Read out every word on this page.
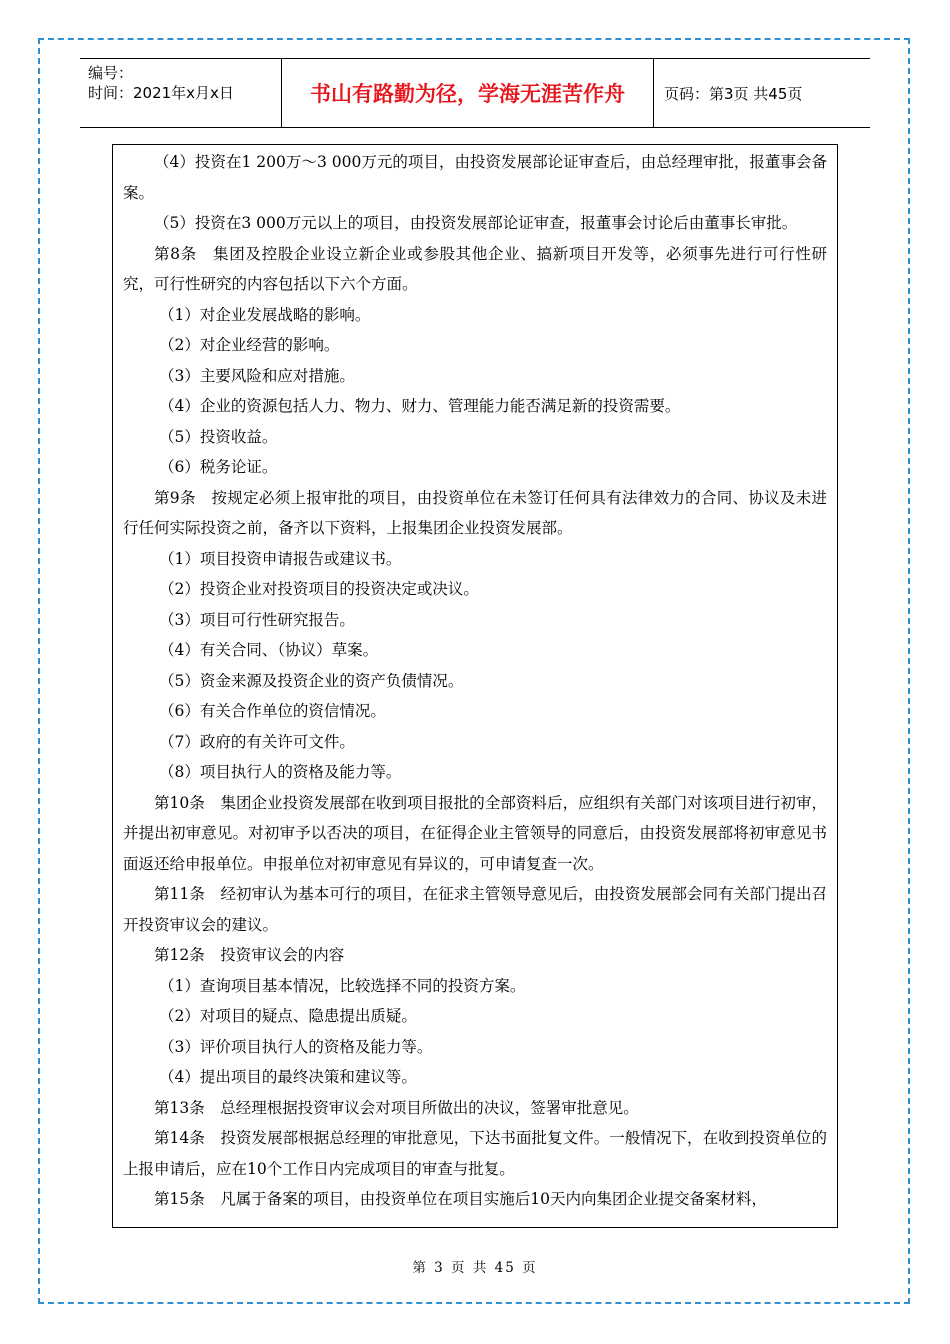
编号：
时间：2021年x月x日	书山有路勤为径，学海无涯苦作舟	页码：第3页 共45页

（4）投资在1 200万～3 000万元的项目，由投资发展部论证审查后，由总经理审批，报董事会备案。

（5）投资在3 000万元以上的项目，由投资发展部论证审查，报董事会讨论后由董事长审批。

第8条　集团及控股企业设立新企业或参股其他企业、搞新项目开发等，必须事先进行可行性研究，可行性研究的内容包括以下六个方面。

（1）对企业发展战略的影响。

（2）对企业经营的影响。

（3）主要风险和应对措施。

（4）企业的资源包括人力、物力、财力、管理能力能否满足新的投资需要。

（5）投资收益。

（6）税务论证。

第9条　按规定必须上报审批的项目，由投资单位在未签订任何具有法律效力的合同、协议及未进行任何实际投资之前，备齐以下资料，上报集团企业投资发展部。

（1）项目投资申请报告或建议书。

（2）投资企业对投资项目的投资决定或决议。

（3）项目可行性研究报告。

（4）有关合同、（协议）草案。

（5）资金来源及投资企业的资产负债情况。

（6）有关合作单位的资信情况。

（7）政府的有关许可文件。

（8）项目执行人的资格及能力等。

第10条　集团企业投资发展部在收到项目报批的全部资料后，应组织有关部门对该项目进行初审，并提出初审意见。对初审予以否决的项目，在征得企业主管领导的同意后，由投资发展部将初审意见书面返还给申报单位。申报单位对初审意见有异议的，可申请复查一次。

第11条　经初审认为基本可行的项目，在征求主管领导意见后，由投资发展部会同有关部门提出召开投资审议会的建议。

第12条　投资审议会的内容

（1）查询项目基本情况，比较选择不同的投资方案。

（2）对项目的疑点、隐患提出质疑。

（3）评价项目执行人的资格及能力等。

（4）提出项目的最终决策和建议等。

第13条　总经理根据投资审议会对项目所做出的决议，签署审批意见。

第14条　投资发展部根据总经理的审批意见，下达书面批复文件。一般情况下，在收到投资单位的上报申请后，应在10个工作日内完成项目的审查与批复。

第15条　凡属于备案的项目，由投资单位在项目实施后10天内向集团企业提交备案材料，

第 3 页 共 45 页
